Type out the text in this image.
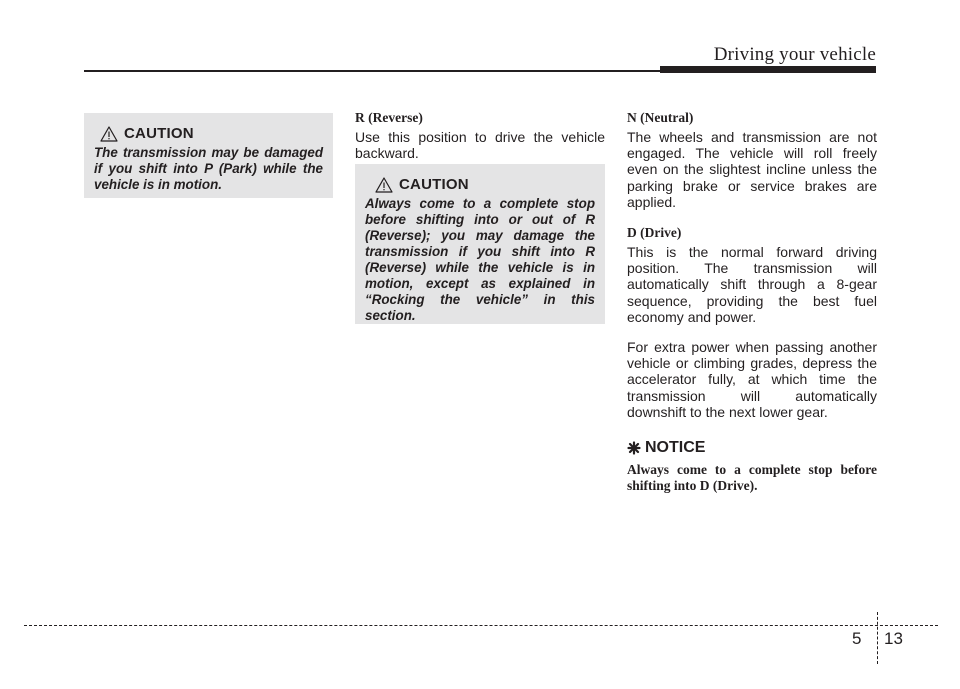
Driving your vehicle
CAUTION
The transmission may be damaged if you shift into P (Park) while the vehicle is in motion.
R (Reverse)
Use this position to drive the vehicle backward.
CAUTION
Always come to a complete stop before shifting into or out of R (Reverse); you may damage the transmission if you shift into R (Reverse) while the vehicle is in motion, except as explained in “Rocking the vehicle” in this section.
N (Neutral)
The wheels and transmission are not engaged. The vehicle will roll freely even on the slightest incline unless the parking brake or service brakes are applied.
D (Drive)
This is the normal forward driving position. The transmission will automatically shift through a 8-gear sequence, providing the best fuel economy and power.
For extra power when passing another vehicle or climbing grades, depress the accelerator fully, at which time the transmission will automatically downshift to the next lower gear.
NOTICE
Always come to a complete stop before shifting into D (Drive).
5 13
